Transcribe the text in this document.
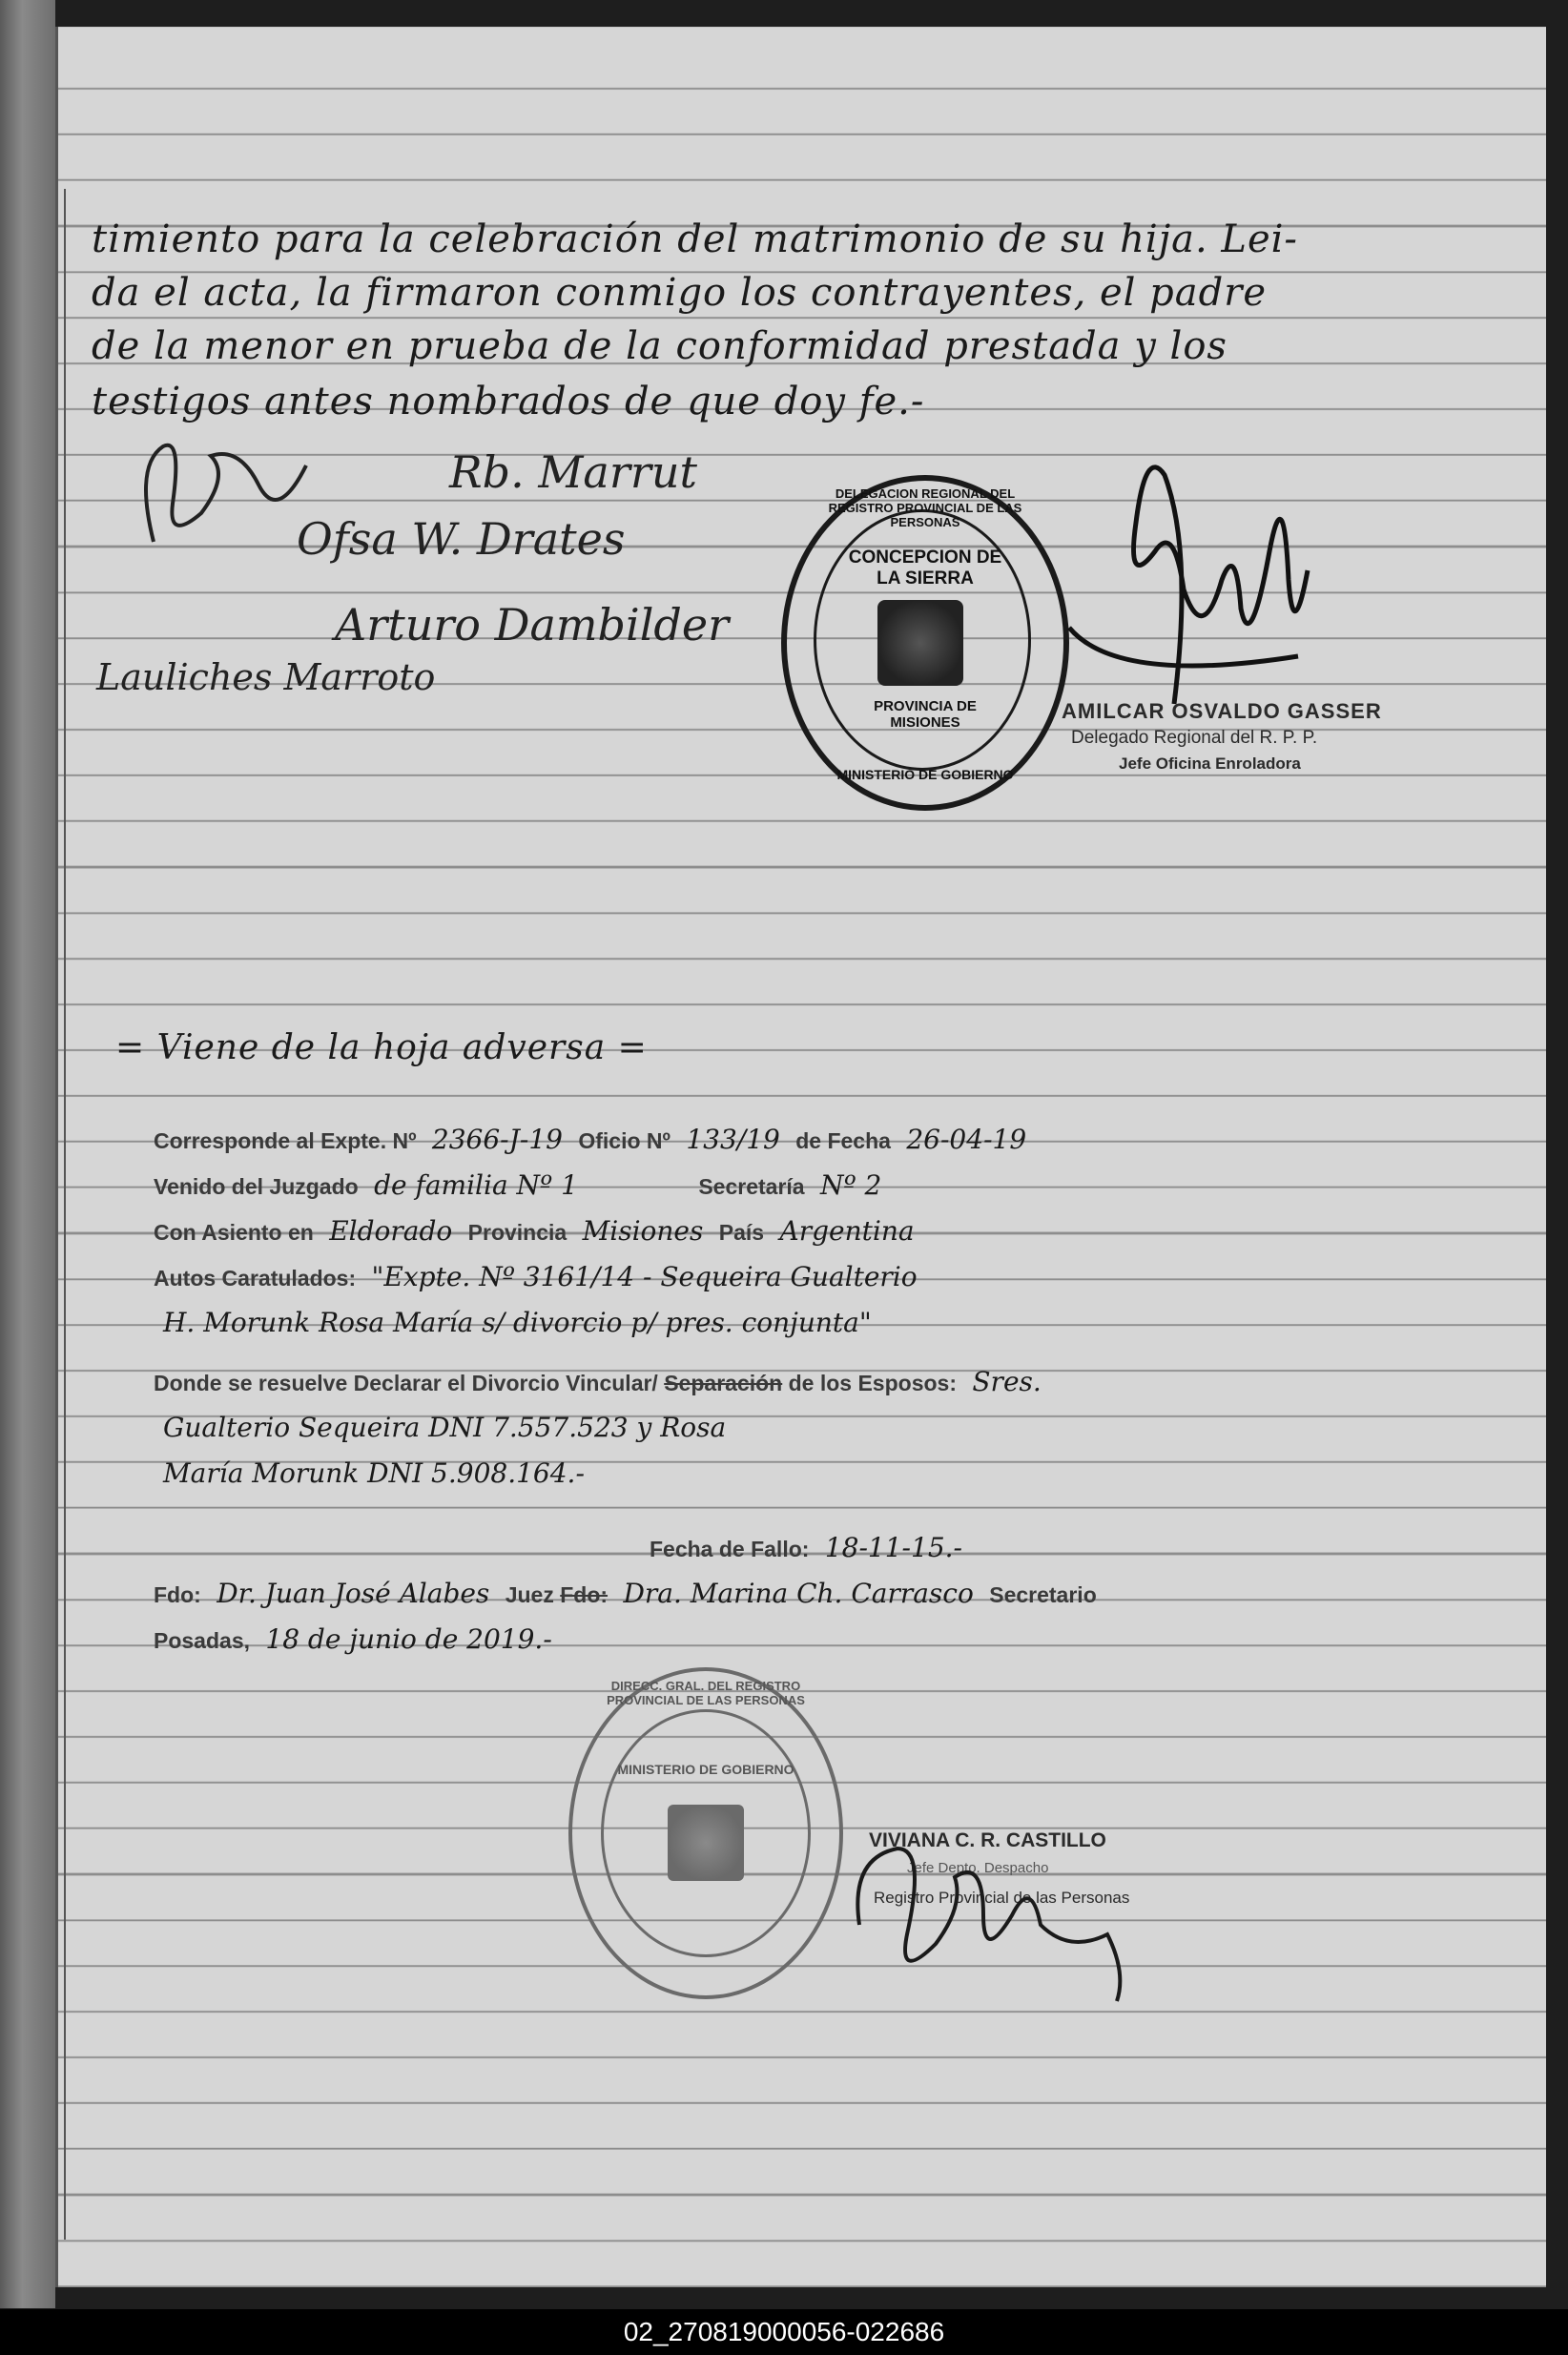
timiento para la celebración del matrimonio de su hija. Lei-
da el acta, la firmaron conmigo los contrayentes, el padre
de la menor en prueba de la conformidad prestada y los
testigos antes nombrados de que doy fe.-
Rb. Marrut
Ofsa W. Drates
Arturo Dambilder
Lauliches Marroto
DELEGACION REGIONAL DEL REGISTRO PROVINCIAL DE LAS PERSONAS
CONCEPCION DE LA SIERRA
PROVINCIA DE MISIONES
MINISTERIO DE GOBIERNO
AMILCAR OSVALDO GASSER
Delegado Regional del R. P. P.
Jefe Oficina Enroladora
= Viene de la hoja adversa =
Corresponde al Expte. Nº 2366-J-19 Oficio Nº 133/19 de Fecha 26-04-19
Venido del Juzgado de familia Nº 1	Secretaría Nº 2
Con Asiento en Eldorado Provincia Misiones País Argentina
Autos Caratulados: "Expte. Nº 3161/14 - Sequeira Gualterio
H. Morunk Rosa María s/ divorcio p/ pres. conjunta"
Donde se resuelve Declarar el Divorcio Vincular/ Separación de los Esposos: Sres.
Gualterio Sequeira DNI 7.557.523 y Rosa
María Morunk DNI 5.908.164.-
Fecha de Fallo: 18-11-15.-
Fdo: Dr. Juan José Alabes Juez Fdo: Dra. Marina Ch. Carrasco Secretario
Posadas, 18 de junio de 2019.-
DIRECC. GRAL. DEL REGISTRO PROVINCIAL DE LAS PERSONAS
MINISTERIO DE GOBIERNO
VIVIANA C. R. CASTILLO
Jefe Depto. Despacho
Registro Provincial de las Personas
02_270819000056-022686
